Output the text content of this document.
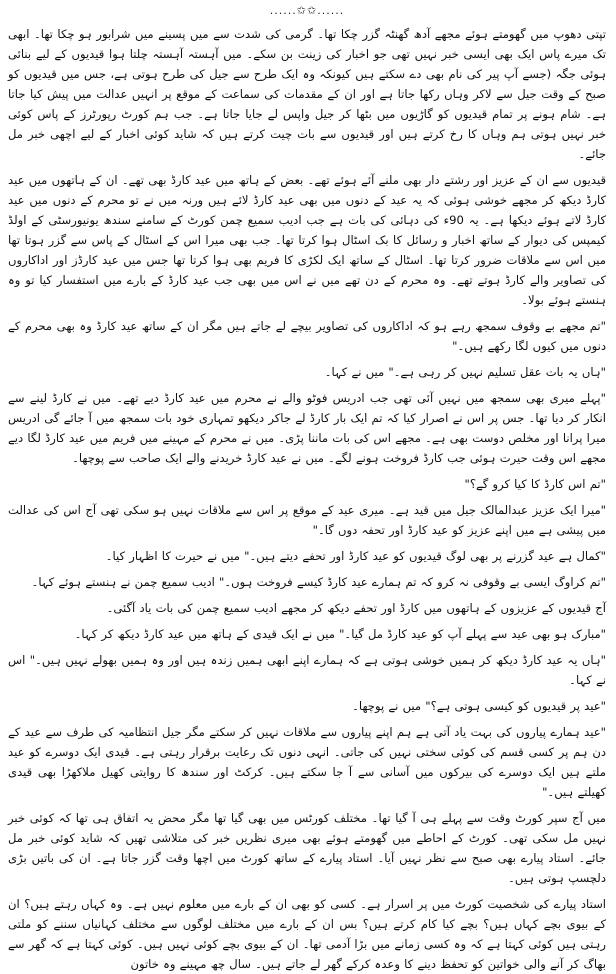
......✩✩......

تپتی دھوپ میں گھومتے ہوئے مجھے آدھ گھنٹہ گزر چکا تھا۔ گرمی کی شدت سے میں پسینے میں شرابور ہو چکا تھا۔ ابھی تک میرے پاس ایک بھی ایسی خبر نہیں تھی جو اخبار کی زینت بن سکے۔ میں آہستہ آہستہ چلتا ہوا قیدیوں کے لیے بنائی ہوئی جگہ (جسے آپ پیر کی نام بھی دے سکتے ہیں کیونکہ وہ ایک طرح سے جیل کی طرح ہوتی ہے، جس میں قیدیوں کو صبح کے وقت جیل سے لاکر وہاں رکھا جاتا ہے اور ان کے مقدمات کی سماعت کے موقع پر انہیں عدالت میں پیش کیا جاتا ہے۔ شام ہونے پر تمام قیدیوں کو گاڑیوں میں بٹھا کر جیل واپس لے جایا جاتا ہے۔ جب ہم کورٹ رپورٹرز کے پاس کوئی خبر نہیں ہوتی ہم وہاں کا رخ کرتے ہیں اور قیدیوں سے بات چیت کرتے ہیں کہ شاید کوئی اخبار کے لیے اچھی خبر مل جائے۔

قیدیوں سے ان کے عزیز اور رشتے دار بھی ملنے آئے ہوئے تھے۔ بعض کے ہاتھ میں عید کارڈ بھی تھے۔ ان کے ہاتھوں میں عید کارڈ دیکھ کر مجھے خوشی ہوئی کہ یہ عید کے دنوں میں بھی عید کارڈ لائے ہیں ورنہ میں نے تو محرم کے دنوں میں عید کارڈ لاتے ہوئے دیکھا ہے۔ یہ 90ء کی دہائی کی بات ہے جب ادیب سمیع چمن کورٹ کے سامنے سندھ یونیورسٹی کے اولڈ کیمپس کی دیوار کے ساتھ اخبار و رسائل کا بک اسٹال ہوا کرتا تھا۔ جب بھی میرا اس کے اسٹال کے پاس سے گزر ہوتا تھا میں اس سے ملاقات ضرور کرتا تھا۔ اسٹال کے ساتھ ایک لکڑی کا فریم بھی ہوا کرتا تھا جس میں عید کارڈز اور اداکاروں کی تصاویر والے کارڈ ہوتے تھے۔ وہ محرم کے دن تھے میں نے اس میں بھی جب عید کارڈ کے بارے میں استفسار کیا تو وہ ہنستے ہوئے بولا۔

"تم مجھے بے وقوف سمجھ رہے ہو کہ اداکاروں کی تصاویر بیچے لے جاتے ہیں مگر ان کے ساتھ عید کارڈ وہ بھی محرم کے دنوں میں کیوں لگا رکھے ہیں۔"

"ہاں یہ بات عقل تسلیم نہیں کر رہی ہے۔" میں نے کہا۔

"پہلے میری بھی سمجھ میں نہیں آئی تھی جب ادریس فوٹو والے نے محرم میں عید کارڈ دیے تھے۔ میں نے کارڈ لینے سے انکار کر دیا تھا۔ جس پر اس نے اصرار کیا کہ تم ایک بار کارڈ لے جاکر دیکھو تمہاری خود بات سمجھ میں آ جائے گی ادریس میرا پرانا اور مخلص دوست بھی ہے۔ مجھے اس کی بات ماننا پڑی۔ میں نے محرم کے مہینے میں فریم میں عید کارڈ لگا دیے مجھے اس وقت حیرت ہوئی جب کارڈ فروخت ہونے لگے۔ میں نے عید کارڈ خریدنے والے ایک صاحب سے پوچھا۔

"تم اس کارڈ کا کیا کرو گے؟"

"میرا ایک عزیز عبدالمالک جیل میں قید ہے۔ میری عید کے موقع پر اس سے ملاقات نہیں ہو سکی تھی آج اس کی عدالت میں پیشی ہے میں اپنے عزیز کو عید کارڈ اور تحفہ دوں گا۔"

"کمال ہے عید گزرنے پر بھی لوگ قیدیوں کو عید کارڈ اور تحفے دیتے ہیں۔" میں نے حیرت کا اظہار کیا۔

"تم کراوگ ایسی بے وقوفی نہ کرو کہ تم ہمارے عید کارڈ کیسے فروخت ہوں۔" ادیب سمیع چمن نے ہنستے ہوئے کہا۔

آج قیدیوں کے عزیزوں کے ہاتھوں میں کارڈ اور تحفے دیکھ کر مجھے ادیب سمیع چمن کی بات یاد آگئی۔

"مبارک ہو بھی عید سے پہلے آپ کو عید کارڈ مل گیا۔" میں نے ایک قیدی کے ہاتھ میں عید کارڈ دیکھ کر کہا۔

"ہاں یہ عید کارڈ دیکھ کر ہمیں خوشی ہوتی ہے کہ ہمارے اپنے ابھی ہمیں زندہ ہیں اور وہ ہمیں بھولے نہیں ہیں۔" اس نے کہا۔

"عید پر قیدیوں کو کیسی ہوتی ہے؟" میں نے پوچھا۔

"عید ہمارے پیاروں کی بہت یاد آتی ہے ہم اپنے پیاروں سے ملاقات نہیں کر سکتے مگر جیل انتظامیہ کی طرف سے عید کے دن ہم پر کسی قسم کی کوئی سختی نہیں کی جاتی۔ انہی دنوں تک رعایت برقرار رہتی ہے۔ قیدی ایک دوسرے کو عید ملتے ہیں ایک دوسرے کی بیرکوں میں آسانی سے آ جا سکتے ہیں۔ کرکٹ اور سندھ کا روایتی کھیل ملاکھڑا بھی قیدی کھیلتے ہیں۔"

میں آج سپر کورٹ وقت سے پہلے ہی آ گیا تھا۔ مختلف کورٹس میں بھی گیا تھا مگر محض یہ اتفاق ہی تھا کہ کوئی خبر نہیں مل سکی تھی۔ کورٹ کے احاطے میں گھومتے ہوئے بھی میری نظریں خبر کی متلاشی تھیں کہ شاید کوئی خبر مل جائے۔ استاد پیارے بھی صبح سے نظر نہیں آیا۔ استاد پیارے کے ساتھ کورٹ میں اچھا وقت گزر جاتا ہے۔ ان کی باتیں بڑی دلچسپ ہوتی ہیں۔

استاد پیارے کی شخصیت کورٹ میں پر اسرار ہے۔ کسی کو بھی ان کے بارے میں معلوم نہیں ہے۔ وہ کہاں رہتے ہیں؟ ان کے بیوی بچے کہاں ہیں؟ بچے کیا کام کرتے ہیں؟ بس ان کے بارے میں مختلف لوگوں سے مختلف کہانیاں سننے کو ملتی رہتی ہیں کوئی کہتا ہے کہ وہ کسی زمانے میں بڑا آدمی تھا۔ ان کے بیوی بچے کوئی نہیں ہیں۔ کوئی کہتا ہے کہ گھر سے بھاگ کر آنے والی خواتین کو تحفظ دینے کا وعدہ کرکے گھر لے جاتے ہیں۔ سال چھ مہینے وہ خاتون
